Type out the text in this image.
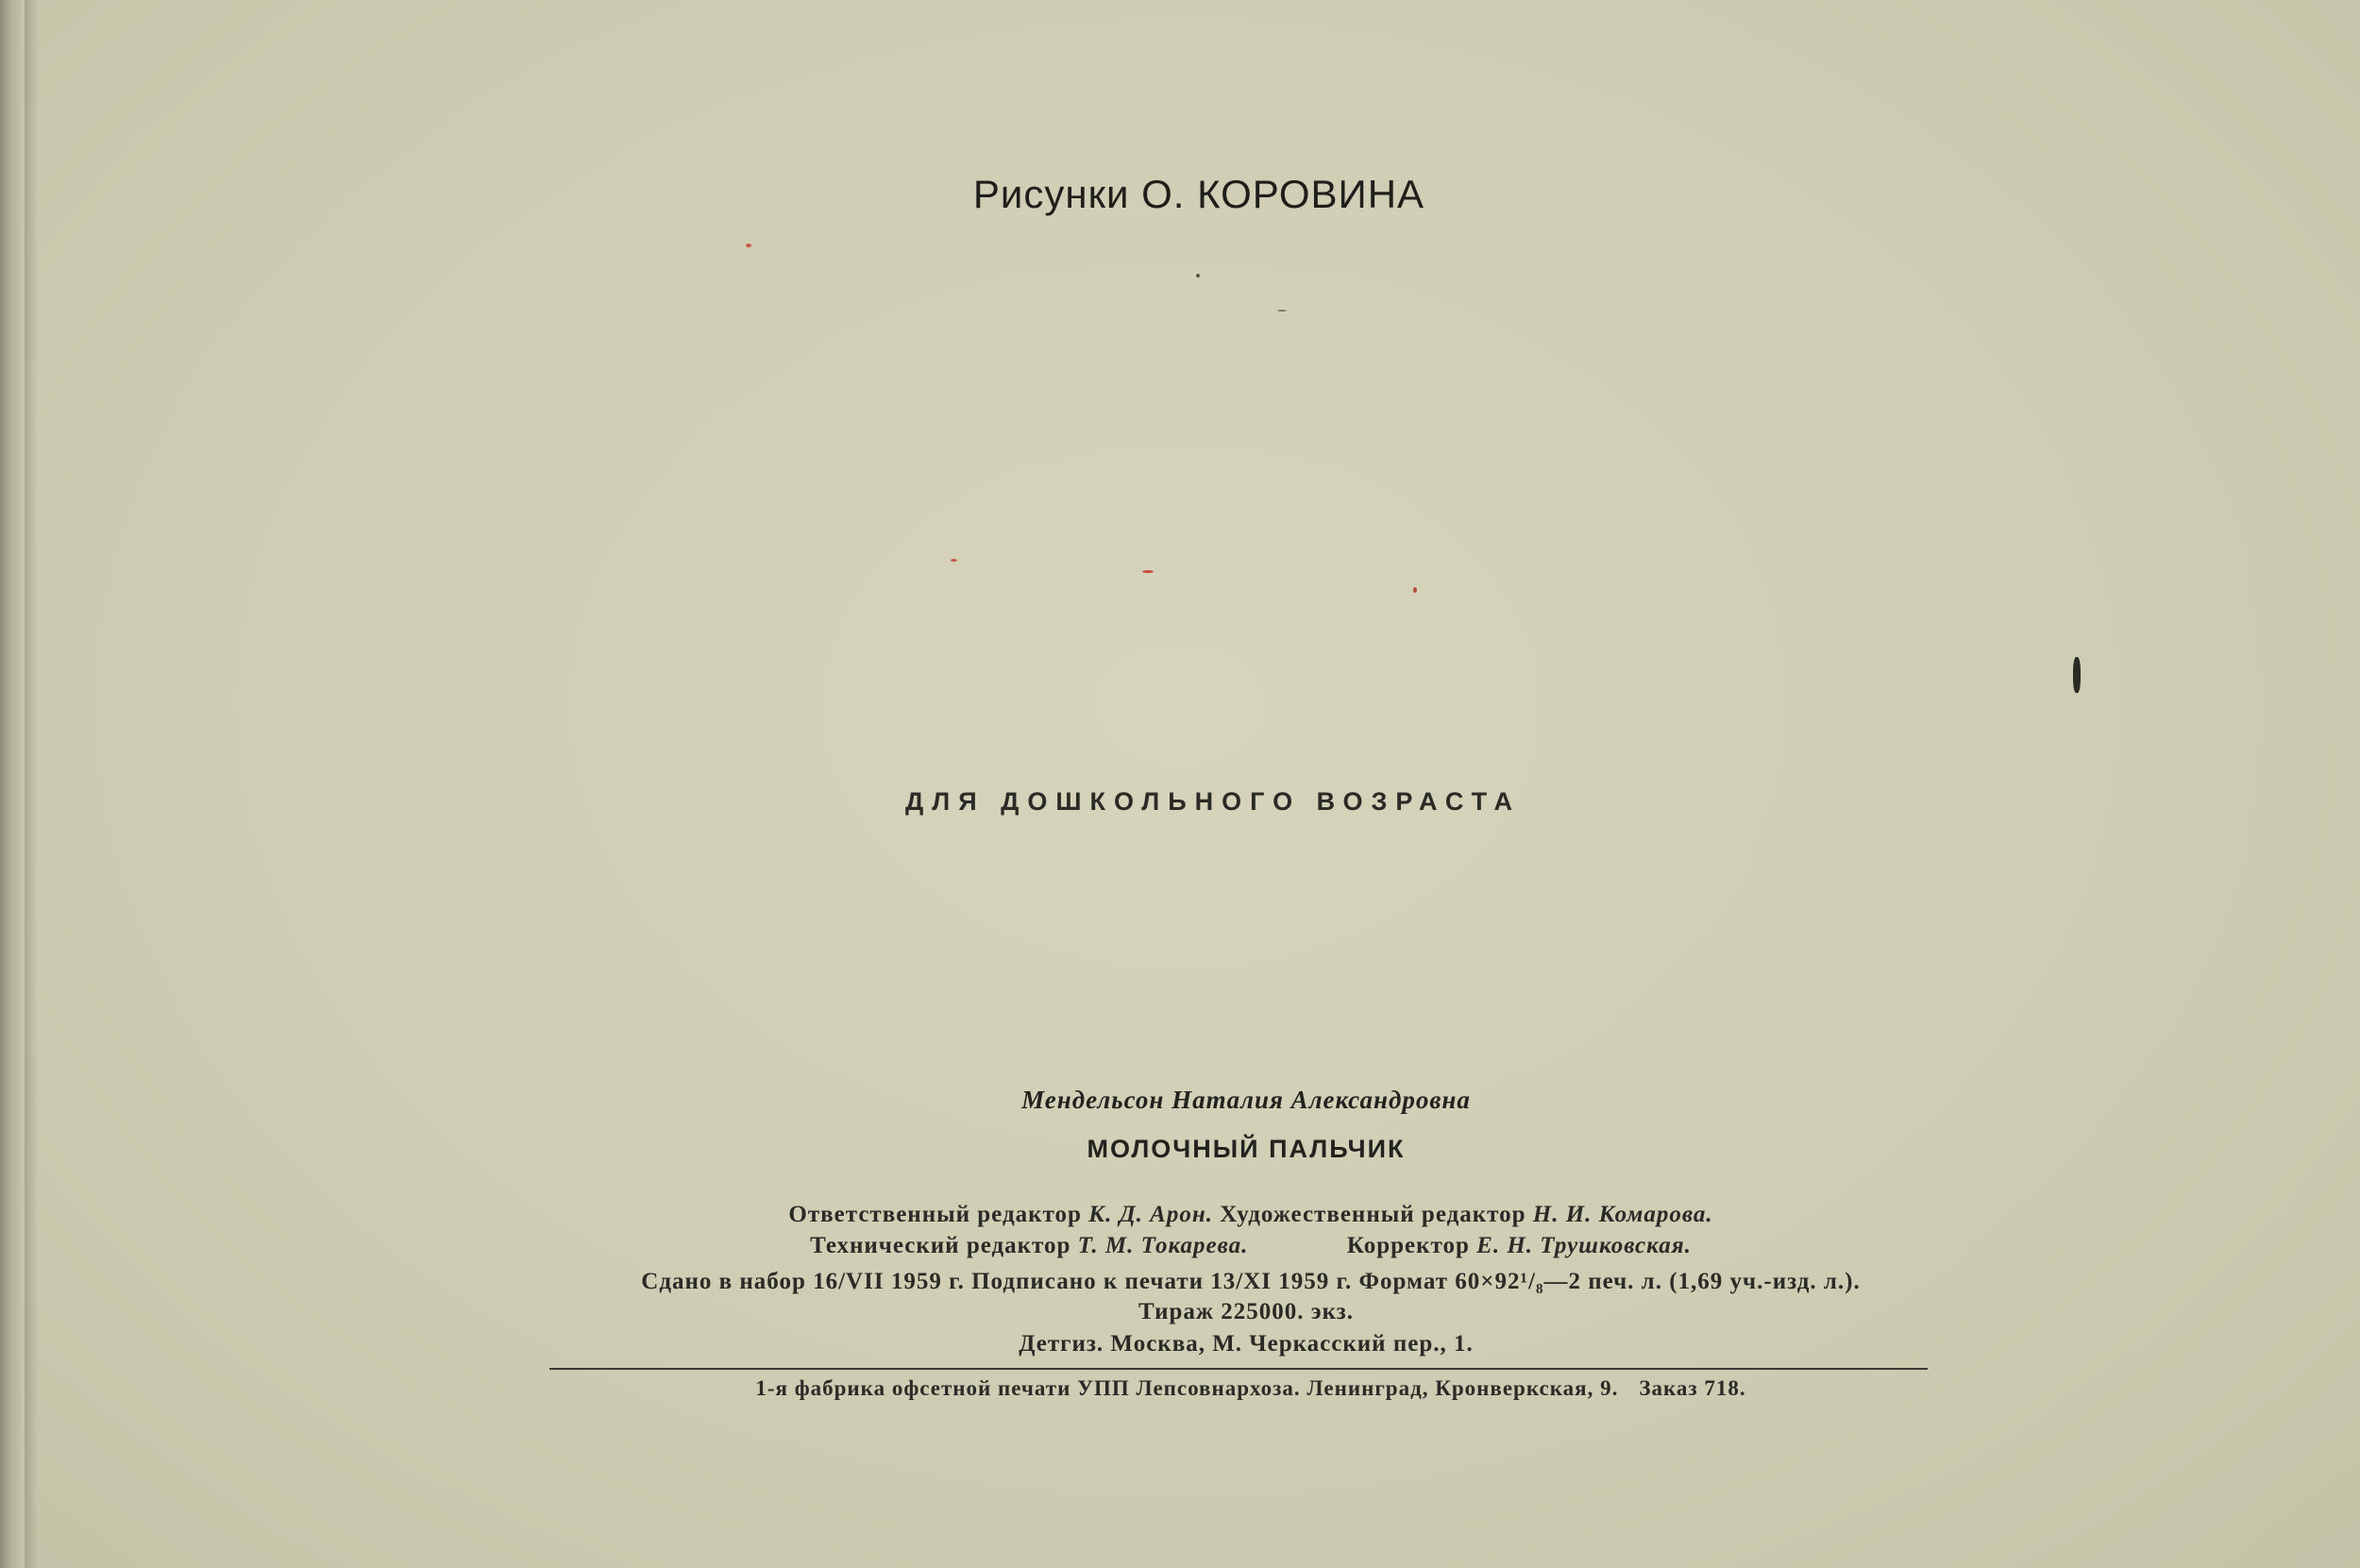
Рисунки О. КОРОВИНА
ДЛЯ ДОШКОЛЬНОГО ВОЗРАСТА
Мендельсон Наталия Александровна
МОЛОЧНЫЙ ПАЛЬЧИК
Ответственный редактор К. Д. Арон. Художественный редактор Н. И. Комарова.
Технический редактор Т. М. Токарева.	Корректор Е. Н. Трушковская.
Сдано в набор 16/VII 1959 г. Подписано к печати 13/XI 1959 г. Формат 60×92¹/₈—2 печ. л. (1,69 уч.-изд. л.).
Тираж 225000. экз.
Детгиз. Москва, М. Черкасский пер., 1.
1-я фабрика офсетной печати УПП Лепсовнархоза. Ленинград, Кронверкская, 9. Заказ 718.
